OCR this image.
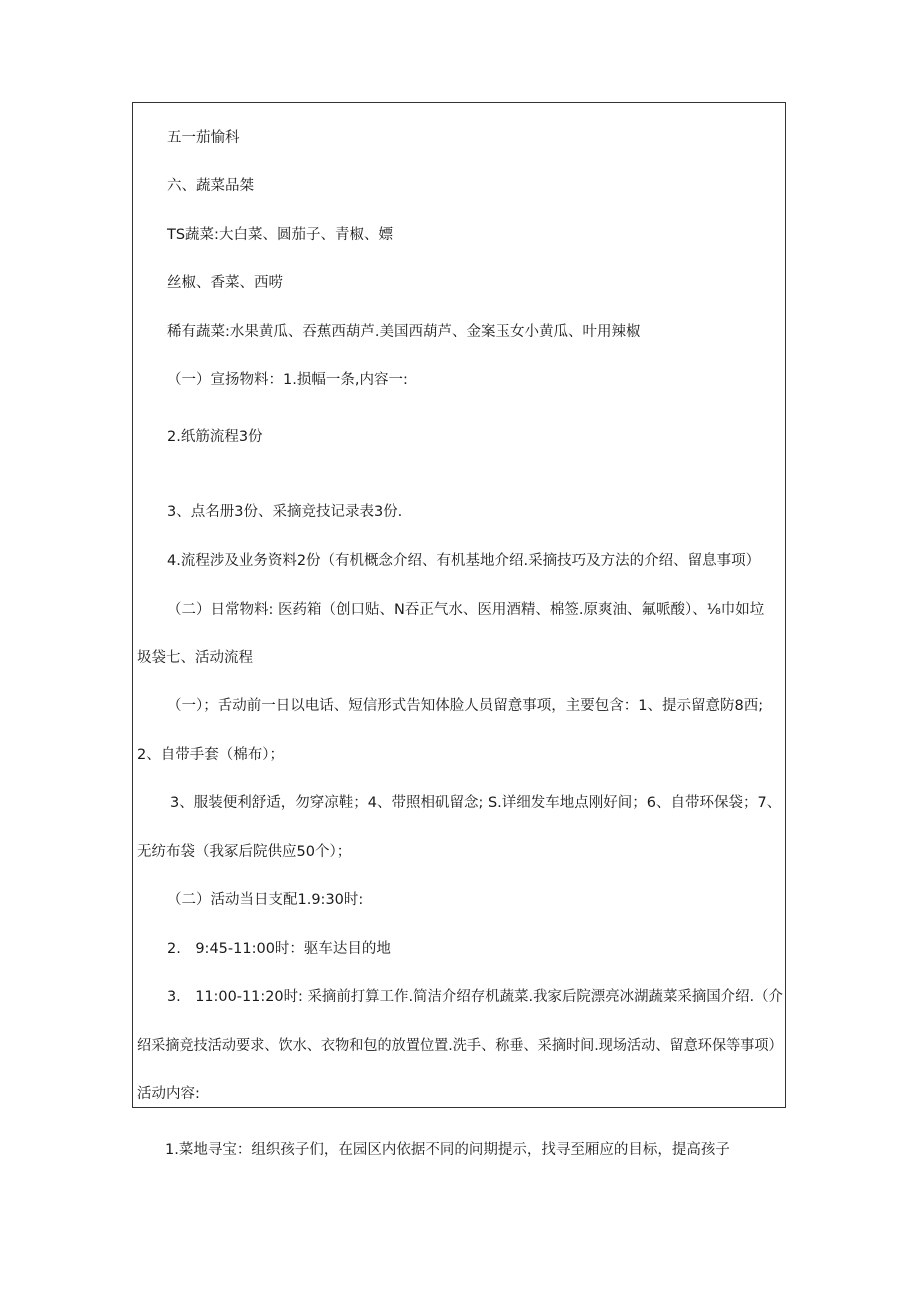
五一茄愉科
六、蔬菜品桀
TS蔬菜:大白菜、圆茄子、青椒、嫖
丝椒、香菜、西唠
稀有蔬菜:水果黄瓜、吞蕉西葫芦.美国西葫芦、金案玉女小黄瓜、叶用辣椒
（一）宣扬物料：1.损幅一条,内容一:
2.纸筋流程3份
3、点名册3份、采摘竞技记录表3份.
4.流程涉及业务资料2份（有机概念介绍、有机基地介绍.采摘技巧及方法的介绍、留息事项）
（二）日常物料: 医药箱（创口贴、N吞正气水、医用酒精、棉签.原爽油、氟哌酸）、⅛巾如垃
圾袋七、活动流程
（一）；舌动前一日以电话、短信形式告知体脸人员留意事项，主要包含：1、提示留意防8西;
2、自带手套（棉布）；
3、服装便利舒适，勿穿凉鞋；4、带照相矶留念; S.详细发车地点刚好间；6、自带环保袋；7、
无纺布袋（我冢后院供应50个）；
（二）活动当日支配1.9:30时:
2.　9:45-11:00时：驱车达目的地
3.　11:00-11:20时: 采摘前打算工作.简洁介绍存机蔬菜.我家后院漂亮冰湖蔬菜采摘国介绍.（介
绍采摘竞技活动要求、饮水、衣物和包的放置位置.洗手、称垂、采摘时间.现场活动、留意环保等事项）
活动内容:
1.菜地寻宝：组织孩子们，在园区内依据不同的问期提示，找寻至厢应的目标，提高孩子
